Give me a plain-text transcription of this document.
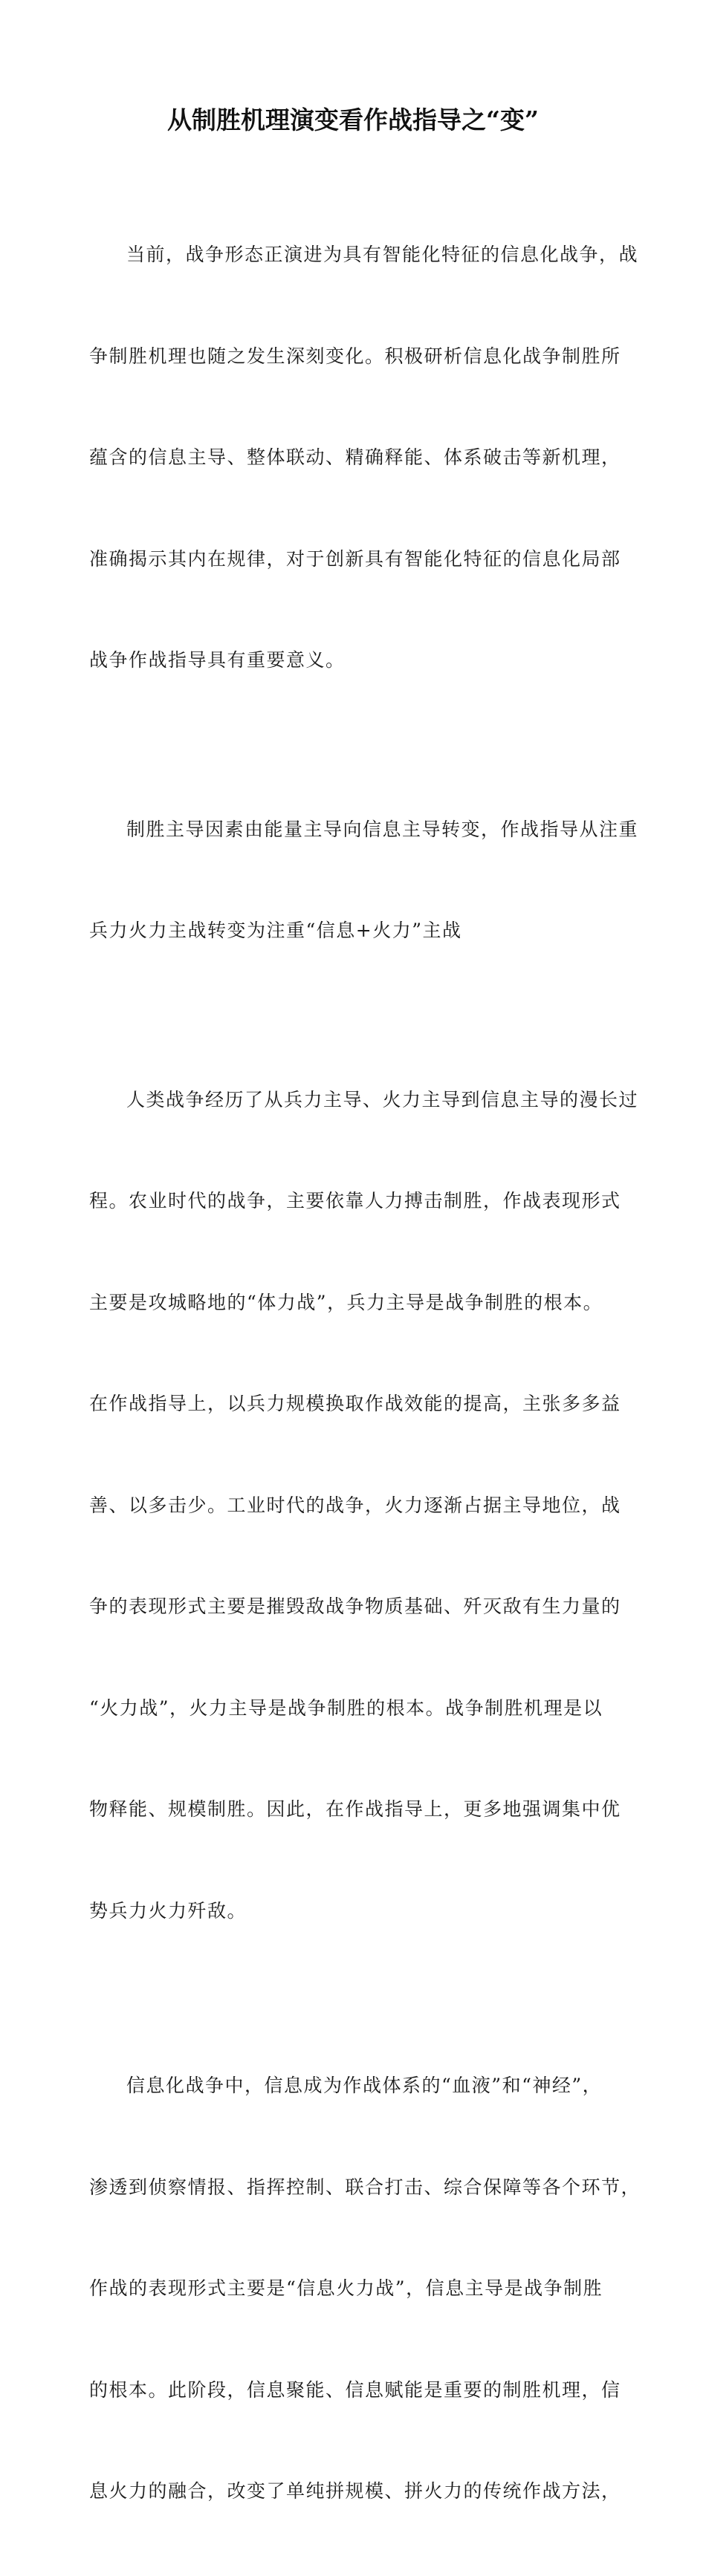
从制胜机理演变看作战指导之“变”

当前，战争形态正演进为具有智能化特征的信息化战争，战

争制胜机理也随之发生深刻变化。积极研析信息化战争制胜所

蕴含的信息主导、整体联动、精确释能、体系破击等新机理，

准确揭示其内在规律，对于创新具有智能化特征的信息化局部

战争作战指导具有重要意义。

制胜主导因素由能量主导向信息主导转变，作战指导从注重

兵力火力主战转变为注重“信息+火力”主战

人类战争经历了从兵力主导、火力主导到信息主导的漫长过

程。农业时代的战争，主要依靠人力搏击制胜，作战表现形式

主要是攻城略地的“体力战”，兵力主导是战争制胜的根本。

在作战指导上，以兵力规模换取作战效能的提高，主张多多益

善、以多击少。工业时代的战争，火力逐渐占据主导地位，战

争的表现形式主要是摧毁敌战争物质基础、歼灭敌有生力量的

“火力战”，火力主导是战争制胜的根本。战争制胜机理是以

物释能、规模制胜。因此，在作战指导上，更多地强调集中优

势兵力火力歼敌。

信息化战争中，信息成为作战体系的“血液”和“神经”，

渗透到侦察情报、指挥控制、联合打击、综合保障等各个环节，

作战的表现形式主要是“信息火力战”，信息主导是战争制胜

的根本。此阶段，信息聚能、信息赋能是重要的制胜机理，信

息火力的融合，改变了单纯拼规模、拼火力的传统作战方法，
